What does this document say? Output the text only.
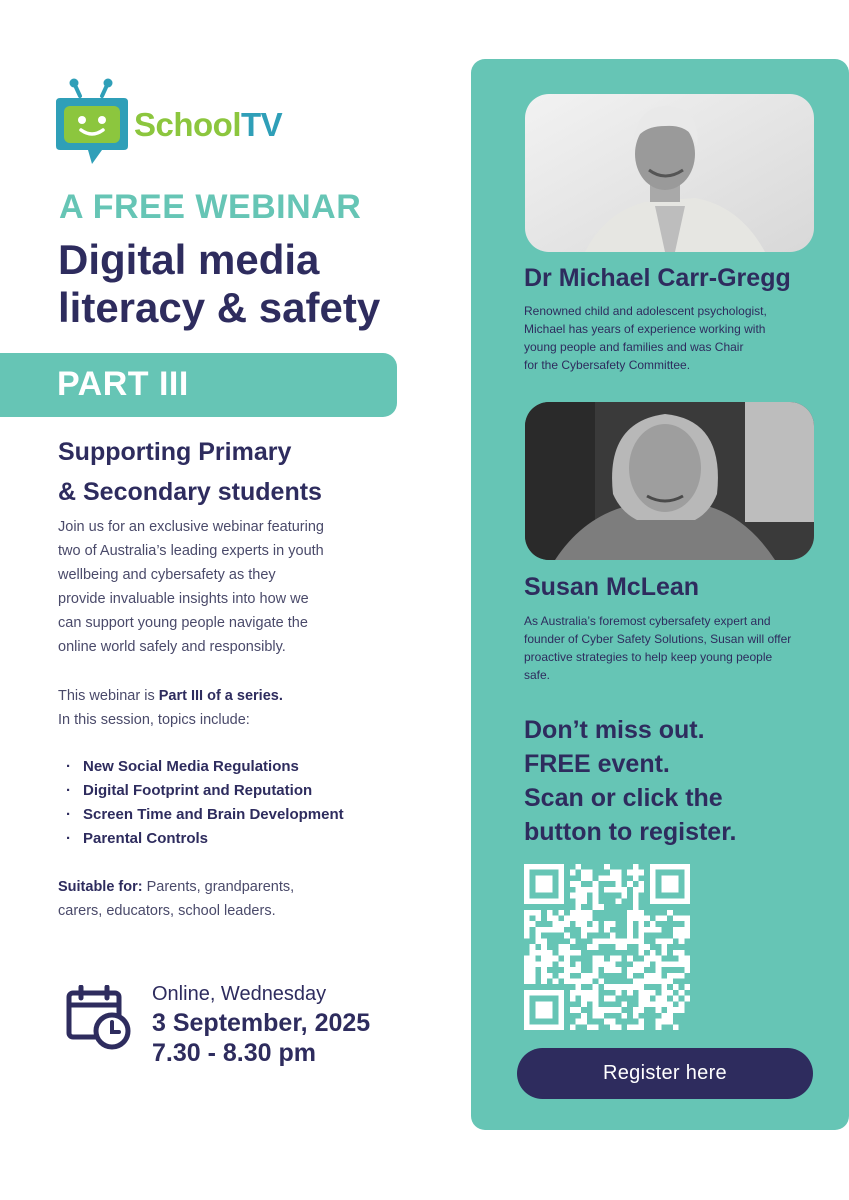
SchoolTV
A FREE WEBINAR
Digital media
literacy & safety
PART III
Supporting Primary
& Secondary students
Join us for an exclusive webinar featuring
two of Australia’s leading experts in youth
wellbeing and cybersafety as they
provide invaluable insights into how we
can support young people navigate the
online world safely and responsibly.
This webinar is Part III of a series.
In this session, topics include:
· New Social Media Regulations
· Digital Footprint and Reputation
· Screen Time and Brain Development
· Parental Controls
Suitable for: Parents, grandparents,
carers, educators, school leaders.
Online, Wednesday
3 September, 2025
7.30 - 8.30 pm
Dr Michael Carr-Gregg
Renowned child and adolescent psychologist,
Michael has years of experience working with
young people and families and was Chair
for the Cybersafety Committee.
Susan McLean
As Australia’s foremost cybersafety expert and
founder of Cyber Safety Solutions, Susan will offer
proactive strategies to help keep young people
safe.
Don’t miss out.
FREE event.
Scan or click the
button to register.
Register here
